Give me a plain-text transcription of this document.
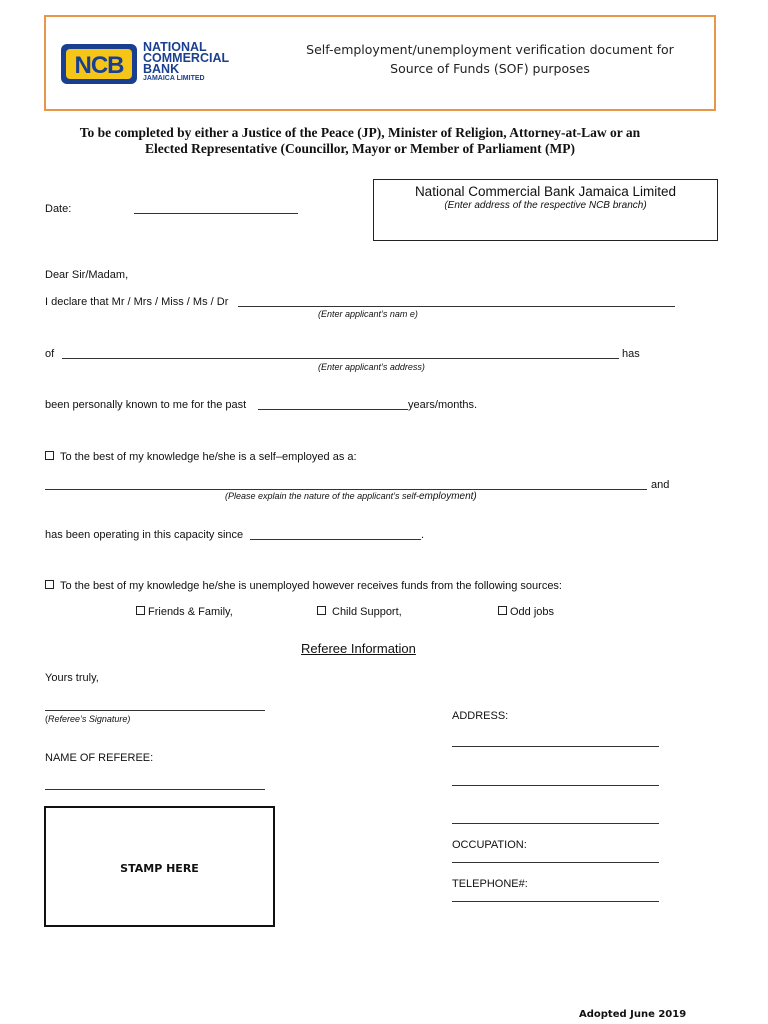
NCB
NATIONAL
COMMERCIAL
BANK
JAMAICA LIMITED
Self-employment/unemployment verification document for
Source of Funds (SOF) purposes
To be completed by either a Justice of the Peace (JP), Minister of Religion, Attorney-at-Law or an
Elected Representative (Councillor, Mayor or Member of Parliament (MP)
Date:
National Commercial Bank Jamaica Limited
(Enter address of the respective NCB branch)
Dear Sir/Madam,
I declare that Mr / Mrs / Miss / Ms / Dr
(Enter applicant’s nam e)
of	has
(Enter applicant’s address)
been personally known to me for the past	years/months.
To the best of my knowledge he/she is a self–employed as a:
and
(Please explain the nature of the applicant’s self-employment)
has been operating in this capacity since	.
To the best of my knowledge he/she is unemployed however receives funds from the following sources:
Friends & Family,	Child Support,	Odd jobs
Referee Information
Yours truly,
(Referee’s Signature)
NAME OF REFEREE:
ADDRESS:
OCCUPATION:
TELEPHONE#:
STAMP HERE
Adopted June 2019
